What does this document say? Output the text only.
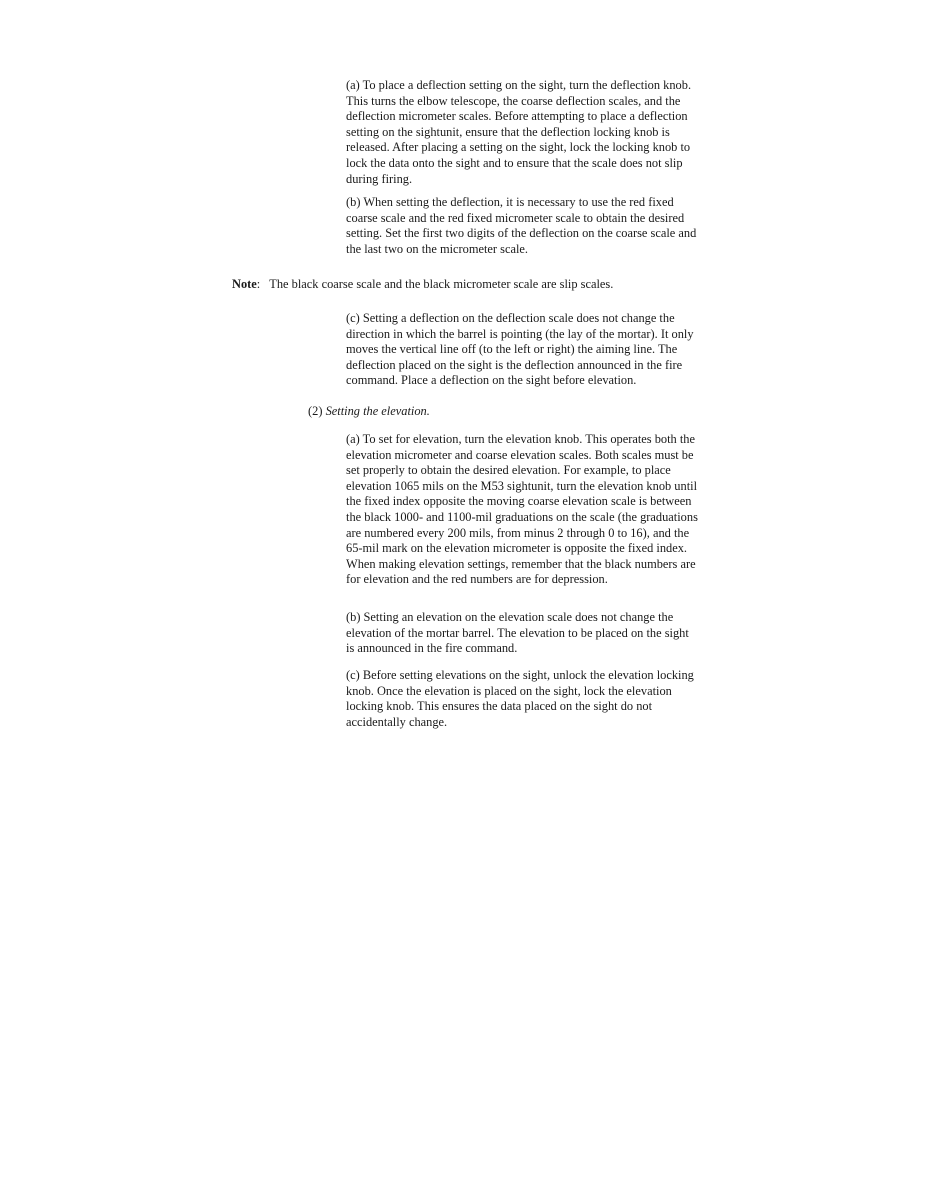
(a) To place a deflection setting on the sight, turn the deflection knob. This turns the elbow telescope, the coarse deflection scales, and the deflection micrometer scales. Before attempting to place a deflection setting on the sightunit, ensure that the deflection locking knob is released. After placing a setting on the sight, lock the locking knob to lock the data onto the sight and to ensure that the scale does not slip during firing.

(b) When setting the deflection, it is necessary to use the red fixed coarse scale and the red fixed micrometer scale to obtain the desired setting. Set the first two digits of the deflection on the coarse scale and the last two on the micrometer scale.

Note:   The black coarse scale and the black micrometer scale are slip scales.

(c) Setting a deflection on the deflection scale does not change the direction in which the barrel is pointing (the lay of the mortar). It only moves the vertical line off (to the left or right) the aiming line. The deflection placed on the sight is the deflection announced in the fire command. Place a deflection on the sight before elevation.

(2) Setting the elevation.

(a) To set for elevation, turn the elevation knob. This operates both the elevation micrometer and coarse elevation scales. Both scales must be set properly to obtain the desired elevation. For example, to place elevation 1065 mils on the M53 sightunit, turn the elevation knob until the fixed index opposite the moving coarse elevation scale is between the black 1000- and 1100-mil graduations on the scale (the graduations are numbered every 200 mils, from minus 2 through 0 to 16), and the 65-mil mark on the elevation micrometer is opposite the fixed index. When making elevation settings, remember that the black numbers are for elevation and the red numbers are for depression.

(b) Setting an elevation on the elevation scale does not change the elevation of the mortar barrel. The elevation to be placed on the sight is announced in the fire command.

(c) Before setting elevations on the sight, unlock the elevation locking knob. Once the elevation is placed on the sight, lock the elevation locking knob. This ensures the data placed on the sight do not accidentally change.
